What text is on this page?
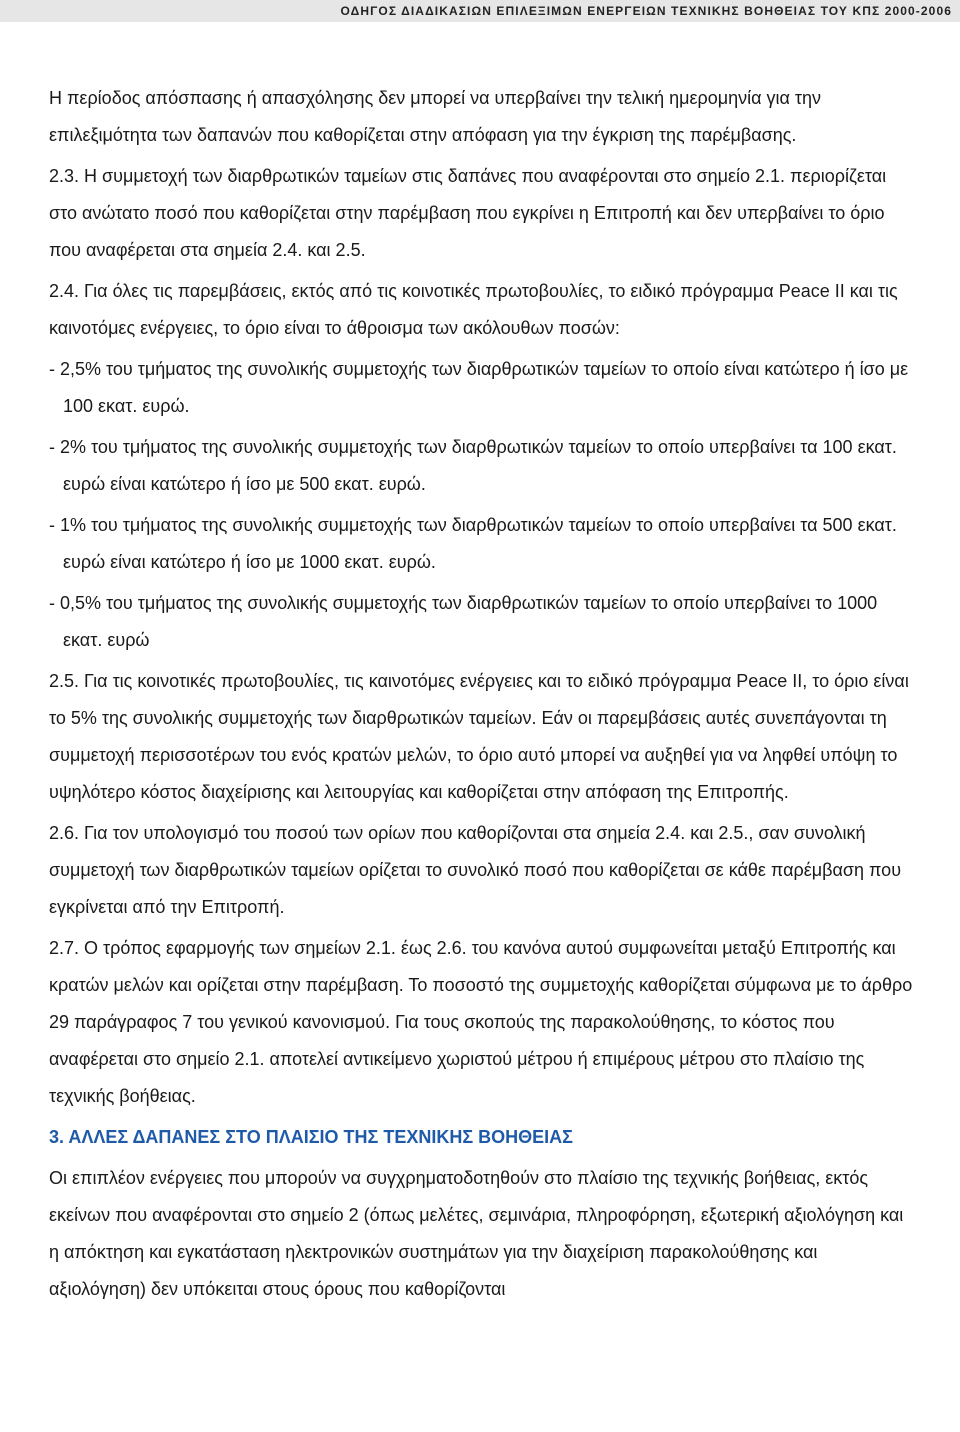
ΟΔΗΓΟΣ ΔΙΑΔΙΚΑΣΙΩΝ ΕΠΙΛΕΞΙΜΩΝ ΕΝΕΡΓΕΙΩΝ ΤΕΧΝΙΚΗΣ ΒΟΗΘΕΙΑΣ ΤΟΥ ΚΠΣ 2000-2006

Η περίοδος απόσπασης ή απασχόλησης δεν μπορεί να υπερβαίνει την τελική ημερομηνία για την επιλεξιμότητα των δαπανών που καθορίζεται στην απόφαση για την έγκριση της παρέμβασης.

2.3. Η συμμετοχή των διαρθρωτικών ταμείων στις δαπάνες που αναφέρονται στο σημείο 2.1. περιορίζεται στο ανώτατο ποσό που καθορίζεται στην παρέμβαση που εγκρίνει η Επιτροπή και δεν υπερβαίνει το όριο που αναφέρεται στα σημεία 2.4. και 2.5.

2.4. Για όλες τις παρεμβάσεις, εκτός από τις κοινοτικές πρωτοβουλίες, το ειδικό πρόγραμμα Peace II και τις καινοτόμες ενέργειες, το όριο είναι το άθροισμα των ακόλουθων ποσών:

- 2,5% του τμήματος της συνολικής συμμετοχής των διαρθρωτικών ταμείων το οποίο είναι κατώτερο ή ίσο με 100 εκατ. ευρώ.
- 2% του τμήματος της συνολικής συμμετοχής των διαρθρωτικών ταμείων το οποίο υπερβαίνει τα 100 εκατ. ευρώ είναι κατώτερο ή ίσο με 500 εκατ. ευρώ.
- 1% του τμήματος της συνολικής συμμετοχής των διαρθρωτικών ταμείων το οποίο υπερβαίνει τα 500 εκατ. ευρώ είναι κατώτερο ή ίσο με 1000 εκατ. ευρώ.
- 0,5% του τμήματος της συνολικής συμμετοχής των διαρθρωτικών ταμείων το οποίο υπερβαίνει το 1000 εκατ. ευρώ

2.5. Για τις κοινοτικές πρωτοβουλίες, τις καινοτόμες ενέργειες και το ειδικό πρόγραμμα Peace II, το όριο είναι το 5% της συνολικής συμμετοχής των διαρθρωτικών ταμείων. Εάν οι παρεμβάσεις αυτές συνεπάγονται τη συμμετοχή περισσοτέρων του ενός κρατών μελών, το όριο αυτό μπορεί να αυξηθεί για να ληφθεί υπόψη το υψηλότερο κόστος διαχείρισης και λειτουργίας και καθορίζεται στην απόφαση της Επιτροπής.

2.6. Για τον υπολογισμό του ποσού των ορίων που καθορίζονται στα σημεία 2.4. και 2.5., σαν συνολική συμμετοχή των διαρθρωτικών ταμείων ορίζεται το συνολικό ποσό που καθορίζεται σε κάθε παρέμβαση που εγκρίνεται από την Επιτροπή.

2.7. Ο τρόπος εφαρμογής των σημείων 2.1. έως 2.6. του κανόνα αυτού συμφωνείται μεταξύ Επιτροπής και κρατών μελών και ορίζεται στην παρέμβαση. Το ποσοστό της συμμετοχής καθορίζεται σύμφωνα με το άρθρο 29 παράγραφος 7 του γενικού κανονισμού. Για τους σκοπούς της παρακολούθησης, το κόστος που αναφέρεται στο σημείο 2.1. αποτελεί αντικείμενο χωριστού μέτρου ή επιμέρους μέτρου στο πλαίσιο της τεχνικής βοήθειας.

3. ΑΛΛΕΣ ΔΑΠΑΝΕΣ ΣΤΟ ΠΛΑΙΣΙΟ ΤΗΣ ΤΕΧΝΙΚΗΣ ΒΟΗΘΕΙΑΣ

Οι επιπλέον ενέργειες που μπορούν να συγχρηματοδοτηθούν στο πλαίσιο της τεχνικής βοήθειας, εκτός εκείνων που αναφέρονται στο σημείο 2 (όπως μελέτες, σεμινάρια, πληροφόρηση, εξωτερική αξιολόγηση και η απόκτηση και εγκατάσταση ηλεκτρονικών συστημάτων για την διαχείριση παρακολούθησης και αξιολόγηση) δεν υπόκειται στους όρους που καθορίζονται
